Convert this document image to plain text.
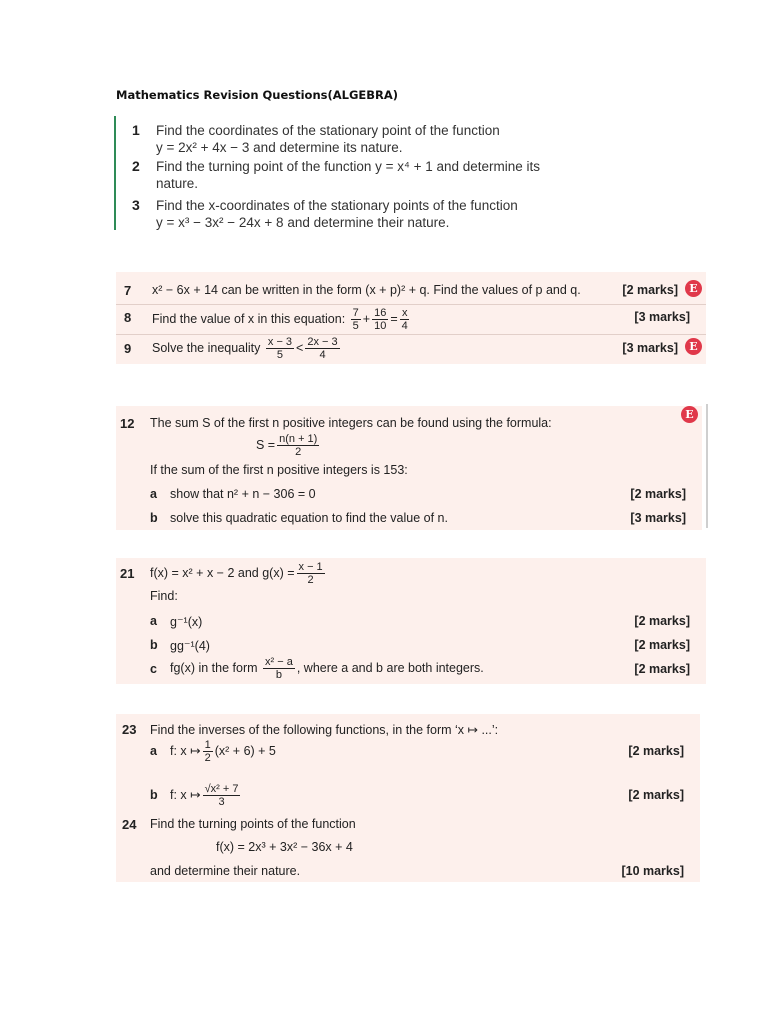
Mathematics Revision Questions(ALGEBRA)
1 Find the coordinates of the stationary point of the function
y = 2x² + 4x − 3 and determine its nature.
2 Find the turning point of the function y = x⁴ + 1 and determine its
nature.
3 Find the x-coordinates of the stationary points of the function
y = x³ − 3x² − 24x + 8 and determine their nature.
7 x² − 6x + 14 can be written in the form (x + p)² + q. Find the values of p and q.	[2 marks]	E
8 Find the value of x in this equation: $\frac{7}{5} + \frac{16}{10} = \frac{x}{4}$	[3 marks]
9 Solve the inequality $\frac{x - 3}{5} < \frac{2x - 3}{4}$	[3 marks]	E
E
12 The sum S of the first n positive integers can be found using the formula:
$S = \frac{n(n + 1)}{2}$
If the sum of the first n positive integers is 153:
a show that n² + n − 306 = 0	[2 marks]
b solve this quadratic equation to find the value of n.	[3 marks]
21 f(x) = x² + x − 2 and $g(x) = \frac{x - 1}{2}$
Find:
a g⁻¹(x)	[2 marks]
b gg⁻¹(4)	[2 marks]
c fg(x) in the form $\frac{\text{x² − a}}{b}$ , where a and b are both integers.	[2 marks]
23 Find the inverses of the following functions, in the form ‘x ↦ ...’:
a f: x ↦ $\frac{1}{2} (x^2 + 6) + 5$	[2 marks]
b f: x ↦ $\frac{\text{√x² + 7}}{3}$	[2 marks]
24 Find the turning points of the function
f(x) = 2x³ + 3x² − 36x + 4
and determine their nature.	[10 marks]
